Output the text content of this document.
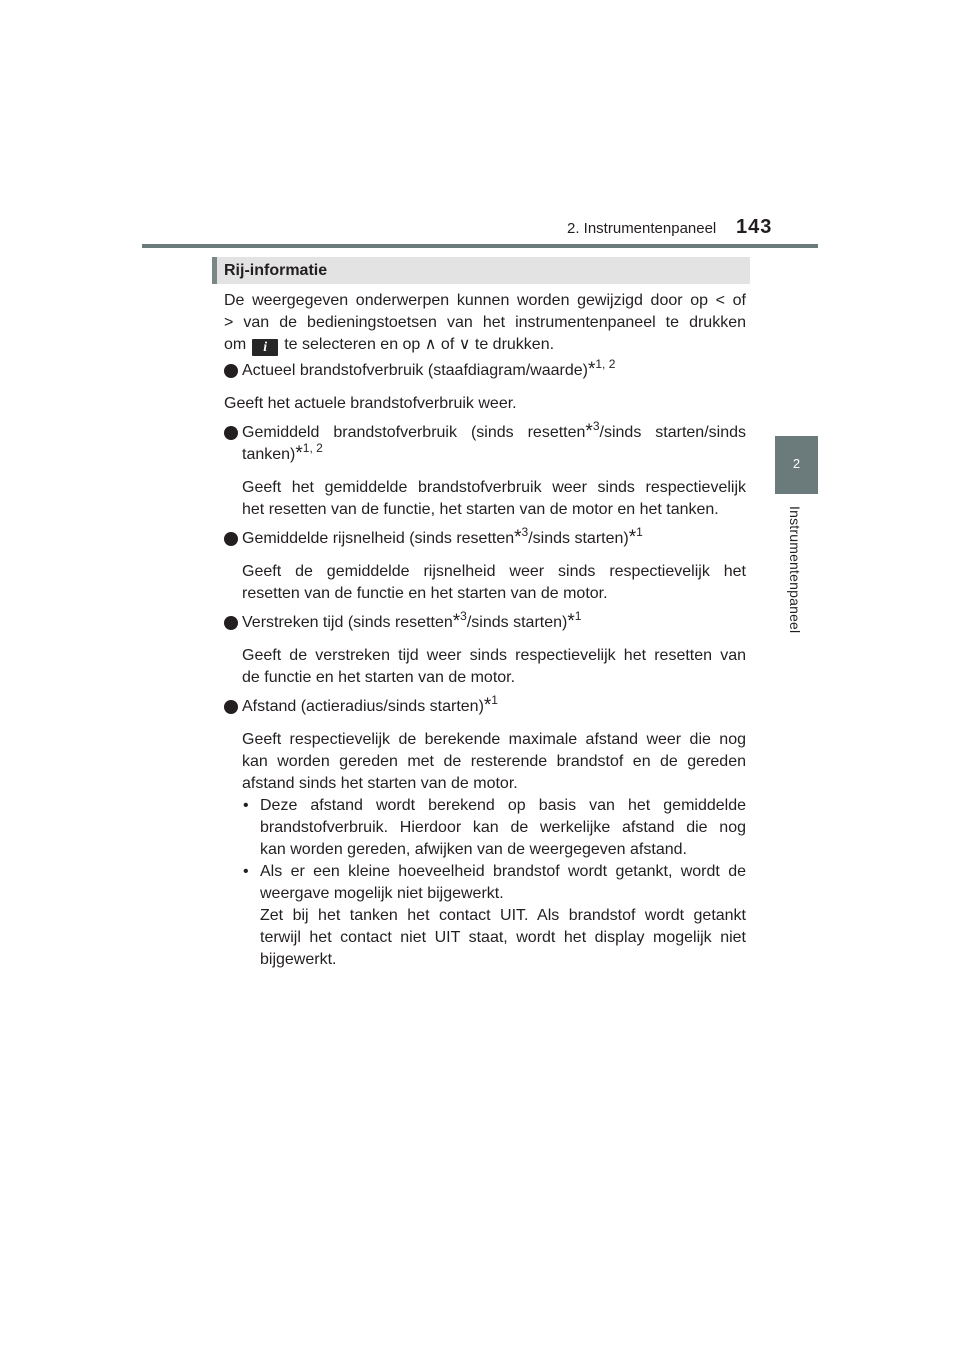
2. Instrumentenpaneel 143
2
Instrumentenpaneel
Rij-informatie

De weergegeven onderwerpen kunnen worden gewijzigd door op < of

> van de bedieningstoetsen van het instrumentenpaneel te drukken

om i te selecteren en op ∧ of ∨ te drukken.

Actueel brandstofverbruik (staafdiagram/waarde)*$^{1, 2}$

Geeft het actuele brandstofverbruik weer.

Gemiddeld brandstofverbruik (sinds resetten*$^3$/sinds starten/sinds

tanken)*$^{1, 2}$

Geeft het gemiddelde brandstofverbruik weer sinds respectievelijk

het resetten van de functie, het starten van de motor en het tanken.

Gemiddelde rijsnelheid (sinds resetten*$^3$/sinds starten)*$^1$

Geeft de gemiddelde rijsnelheid weer sinds respectievelijk het

resetten van de functie en het starten van de motor.

Verstreken tijd (sinds resetten*$^3$/sinds starten)*$^1$

Geeft de verstreken tijd weer sinds respectievelijk het resetten van

de functie en het starten van de motor.

Afstand (actieradius/sinds starten)*$^1$

Geeft respectievelijk de berekende maximale afstand weer die nog

kan worden gereden met de resterende brandstof en de gereden

afstand sinds het starten van de motor.

• Deze afstand wordt berekend op basis van het gemiddelde

brandstofverbruik. Hierdoor kan de werkelijke afstand die nog

kan worden gereden, afwijken van de weergegeven afstand.

• Als er een kleine hoeveelheid brandstof wordt getankt, wordt de

weergave mogelijk niet bijgewerkt.

Zet bij het tanken het contact UIT. Als brandstof wordt getankt

terwijl het contact niet UIT staat, wordt het display mogelijk niet

bijgewerkt.
